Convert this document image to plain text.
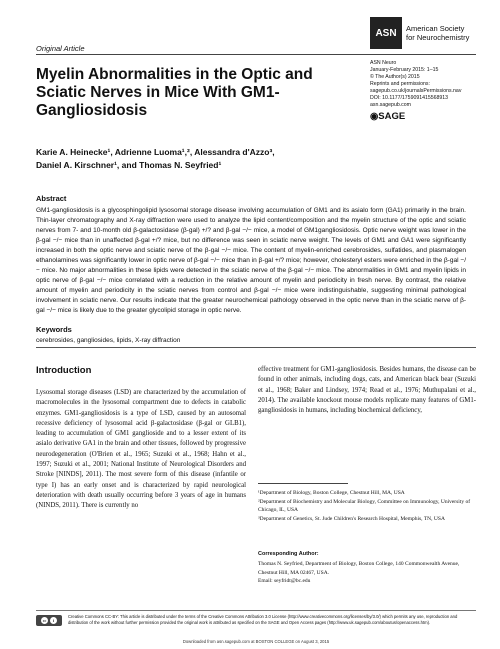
Original Article
ASN	American Society
for Neurochemistry
Myelin Abnormalities in the Optic and Sciatic Nerves in Mice With GM1-Gangliosidosis
ASN Neuro
January-February 2015: 1–15
© The Author(s) 2015
Reprints and permissions:
sagepub.co.uk/journalsPermissions.nav
DOI: 10.1177/1759091415568913
asn.sagepub.com
◉SAGE
Karie A. Heinecke¹, Adrienne Luoma¹,², Alessandra d'Azzo³,
Daniel A. Kirschner¹, and Thomas N. Seyfried¹
Abstract
GM1-gangliosidosis is a glycosphingolipid lysosomal storage disease involving accumulation of GM1 and its asialo form (GA1) primarily in the brain. Thin-layer chromatography and X-ray diffraction were used to analyze the lipid content/composition and the myelin structure of the optic and sciatic nerves from 7- and 10-month old β-galactosidase (β-gal) +/? and β-gal −/− mice, a model of GM1gangliosidosis. Optic nerve weight was lower in the β-gal −/− mice than in unaffected β-gal +/? mice, but no difference was seen in sciatic nerve weight. The levels of GM1 and GA1 were significantly increased in both the optic nerve and sciatic nerve of the β-gal −/− mice. The content of myelin-enriched cerebrosides, sulfatides, and plasmalogen ethanolamines was significantly lower in optic nerve of β-gal −/− mice than in β-gal +/? mice; however, cholesteryl esters were enriched in the β-gal −/− mice. No major abnormalities in these lipids were detected in the sciatic nerve of the β-gal −/− mice. The abnormalities in GM1 and myelin lipids in optic nerve of β-gal −/− mice correlated with a reduction in the relative amount of myelin and periodicity in fresh nerve. By contrast, the relative amount of myelin and periodicity in the sciatic nerves from control and β-gal −/− mice were indistinguishable, suggesting minimal pathological involvement in sciatic nerve. Our results indicate that the greater neurochemical pathology observed in the optic nerve than in the sciatic nerve of β-gal −/− mice is likely due to the greater glycolipid storage in optic nerve.
Keywords
cerebrosides, gangliosides, lipids, X-ray diffraction
Introduction
Lysosomal storage diseases (LSD) are characterized by the accumulation of macromolecules in the lysosomal compartment due to defects in catabolic enzymes. GM1-gangliosidosis is a type of LSD, caused by an autosomal recessive deficiency of lysosomal acid β-galactosidase (β-gal or GLB1), leading to accumulation of GM1 ganglioside and to a lesser extent of its asialo derivative GA1 in the brain and other tissues, followed by progressive neurodegeneration (O'Brien et al., 1965; Suzuki et al., 1968; Hahn et al., 1997; Suzuki et al., 2001; National Institute of Neurological Disorders and Stroke [NINDS], 2011). The most severe form of this disease (infantile or type I) has an early onset and is characterized by rapid neurological deterioration with death usually occurring before 3 years of age in humans (NINDS, 2011). There is currently no
effective treatment for GM1-gangliosidosis. Besides humans, the disease can be found in other animals, including dogs, cats, and American black bear (Suzuki et al., 1968; Baker and Lindsey, 1974; Read et al., 1976; Muthupalani et al., 2014). The available knockout mouse models replicate many features of GM1-gangliosidosis in humans, including biochemical deficiency,
¹Department of Biology, Boston College, Chestnut Hill, MA, USA
²Department of Biochemistry and Molecular Biology, Committee on Immunology, University of Chicago, IL, USA
³Department of Genetics, St. Jude Children's Research Hospital, Memphis, TN, USA
Corresponding Author:
Thomas N. Seyfried, Department of Biology, Boston College, 140 Commonwealth Avenue, Chestnut Hill, MA 02467, USA.
Email: seyfridt@bc.edu
cc	i
Creative Commons CC-BY: This article is distributed under the terms of the Creative Commons Attribution 3.0 License (http://www.creativecommons.org/licenses/by/3.0/) which permits any use, reproduction and distribution of the work without further permission provided the original work is attributed as specified on the SAGE and Open Access pages (http://www.uk.sagepub.com/aboutus/openaccess.htm).
Downloaded from asn.sagepub.com at BOSTON COLLEGE on August 3, 2015
